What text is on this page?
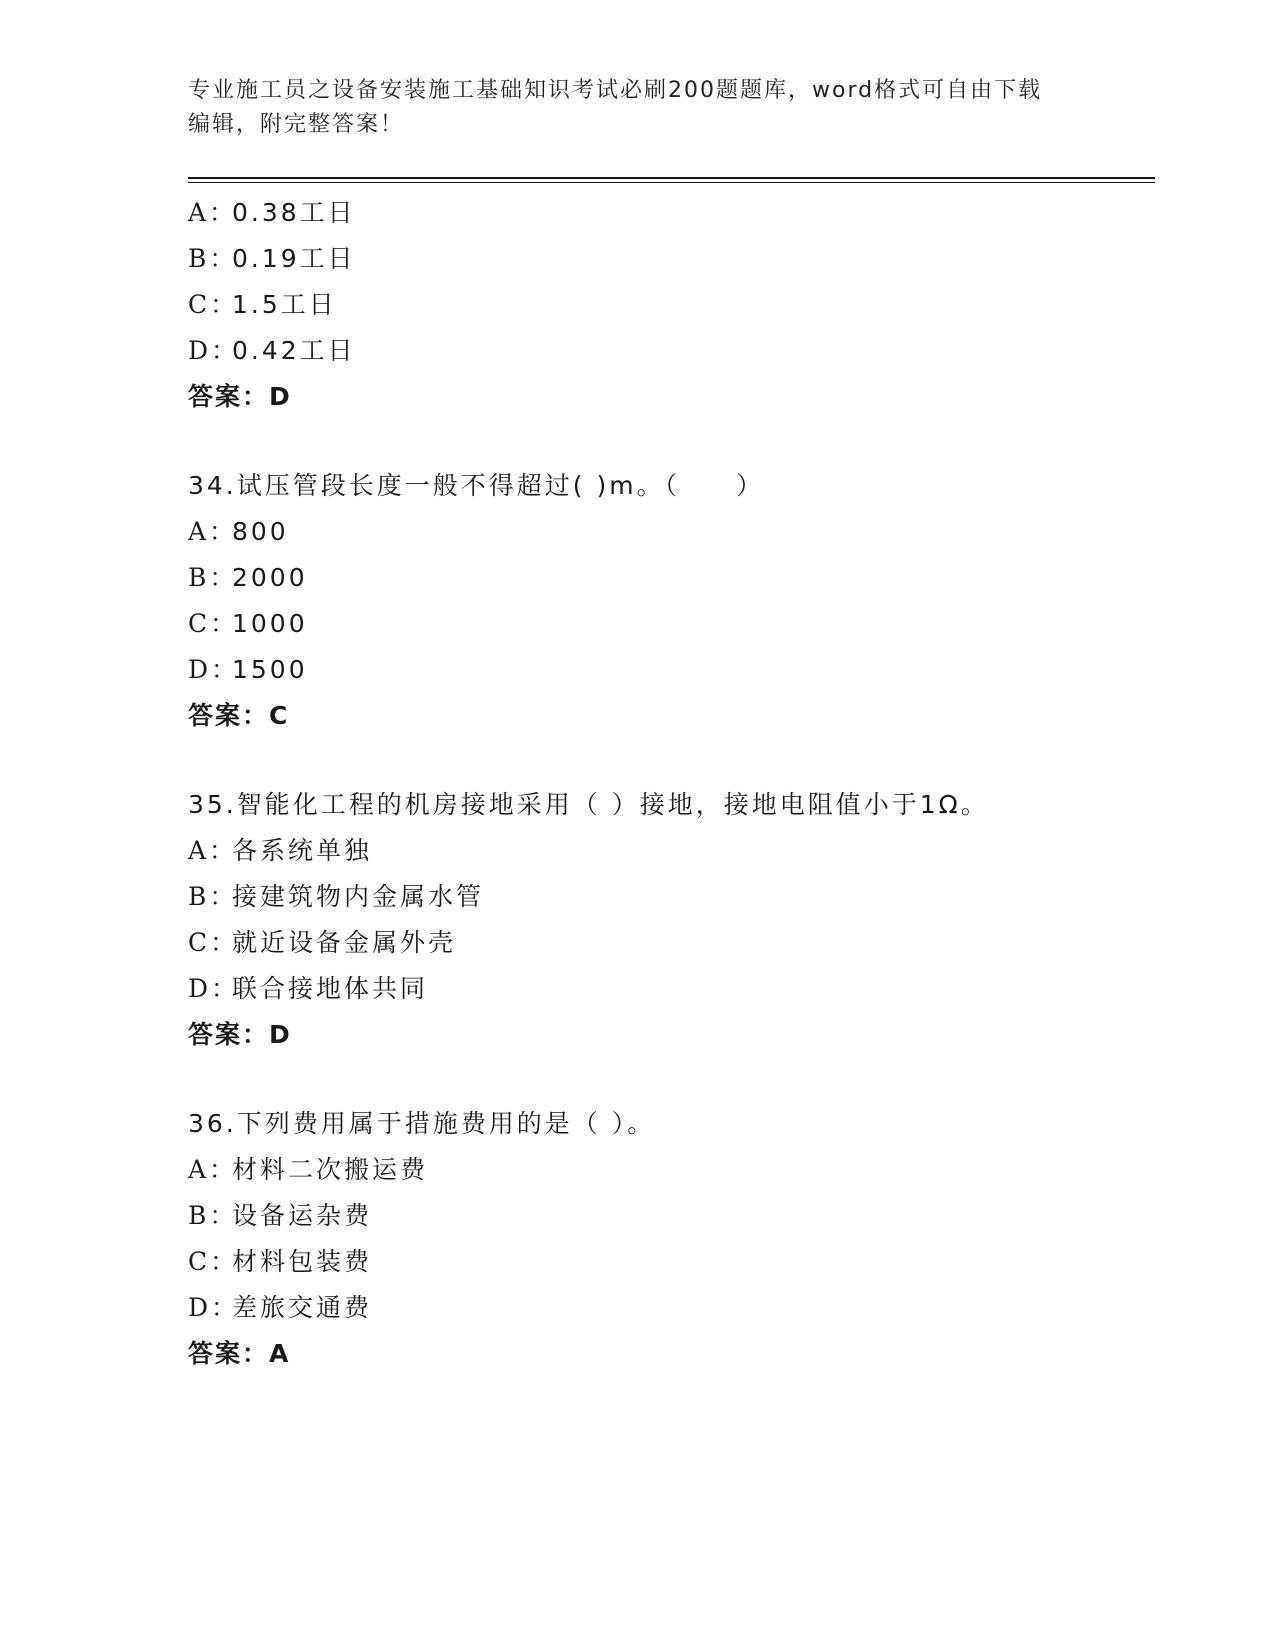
专业施工员之设备安装施工基础知识考试必刷200题题库，word格式可自由下载
编辑，附完整答案！
A：0.38工日
B：0.19工日
C：1.5工日
D：0.42工日
答案：D
34.试压管段长度一般不得超过( )m。（　　）
A：800
B：2000
C：1000
D：1500
答案：C
35.智能化工程的机房接地采用（ ）接地，接地电阻值小于1Ω。
A：各系统单独
B：接建筑物内金属水管
C：就近设备金属外壳
D：联合接地体共同
答案：D
36.下列费用属于措施费用的是（ ）。
A：材料二次搬运费
B：设备运杂费
C：材料包装费
D：差旅交通费
答案：A
